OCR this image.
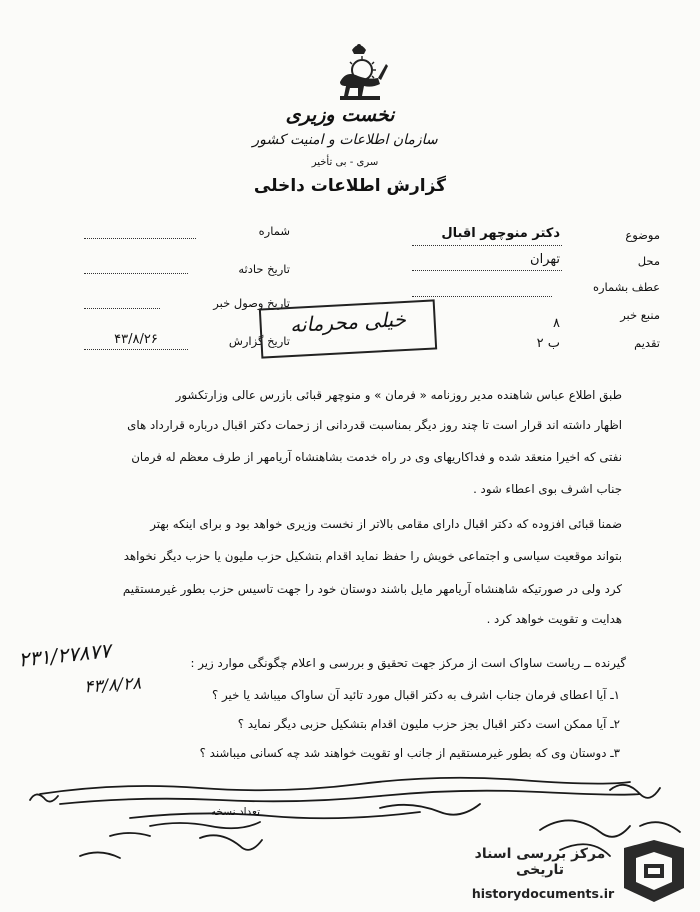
نخست وزیری
سازمان اطلاعات و امنیت کشور
سری - بی تأخیر
گزارش اطلاعات داخلی
موضوع
دکتر منوچهر اقبال
محل
تهران
عطف بشماره
منبع خبر
۸
تقدیم
ب ۲
شماره
تاریخ حادثه
تاریخ وصول خبر
تاریخ گزارش
۴۳/۸/۲۶
خیلی محرمانه
طبق اطلاع عباس شاهنده مدیر روزنامه « فرمان » و منوچهر قبائی بازرس عالی وزارتکشور
اظهار داشته اند قرار است تا چند روز دیگر بمناسبت قدردانی از زحمات دکتر اقبال درباره قرارداد های
نفتی که اخیرا منعقد شده و فداکاریهای وی در راه خدمت بشاهنشاه آریامهر از طرف معظم له فرمان
جناب اشرف بوی اعطاء شود .
ضمنا قبائی افزوده که دکتر اقبال دارای مقامی بالاتر از نخست وزیری خواهد بود و برای اینکه بهتر
بتواند موقعیت سیاسی و اجتماعی خویش را حفظ نماید اقدام بتشکیل حزب ملیون یا حزب دیگر نخواهد
کرد ولی در صورتیکه شاهنشاه آریامهر مایل باشند دوستان خود را جهت تاسیس حزب بطور غیرمستقیم
هدایت و تقویت خواهد کرد .
گیرنده ــ ریاست ساواک است از مرکز جهت تحقیق و بررسی و اعلام چگونگی موارد زیر :
۱ـ آیا اعطای فرمان جناب اشرف به دکتر اقبال مورد تائید آن ساواک میباشد یا خیر ؟
۲ـ آیا ممکن است دکتر اقبال بجز حزب ملیون اقدام بتشکیل حزبی دیگر نماید ؟
۳ـ دوستان وی که بطور غیرمستقیم از جانب او تقویت خواهند شد چه کسانی میباشند ؟
۲۳۱/۲۷۸۷۷
۴۳/۸/۲۸
تعداد نسخه
مرکز بررسی اسناد تاریخی
historydocuments.ir
